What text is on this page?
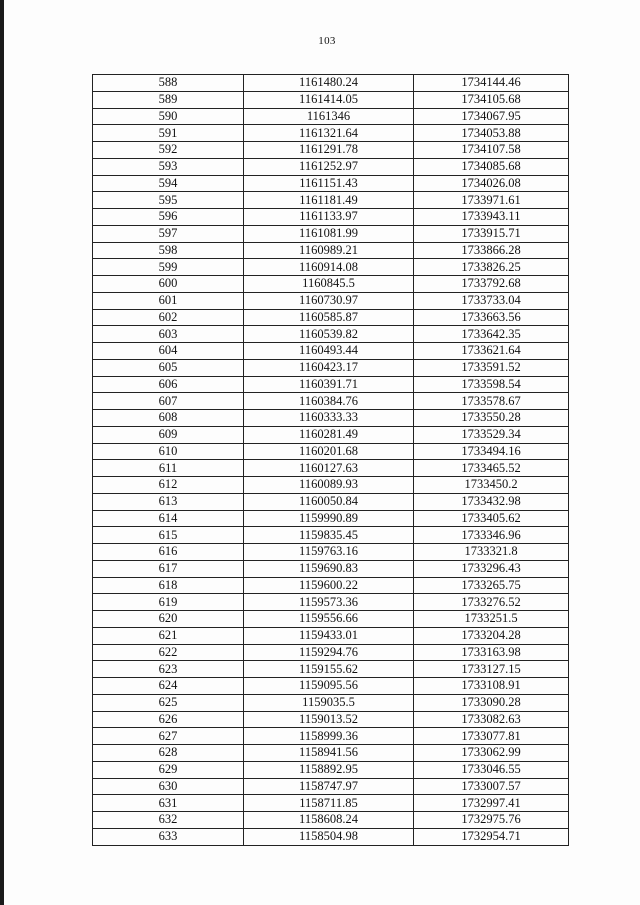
103
588	1161480.24	1734144.46
589	1161414.05	1734105.68
590	1161346	1734067.95
591	1161321.64	1734053.88
592	1161291.78	1734107.58
593	1161252.97	1734085.68
594	1161151.43	1734026.08
595	1161181.49	1733971.61
596	1161133.97	1733943.11
597	1161081.99	1733915.71
598	1160989.21	1733866.28
599	1160914.08	1733826.25
600	1160845.5	1733792.68
601	1160730.97	1733733.04
602	1160585.87	1733663.56
603	1160539.82	1733642.35
604	1160493.44	1733621.64
605	1160423.17	1733591.52
606	1160391.71	1733598.54
607	1160384.76	1733578.67
608	1160333.33	1733550.28
609	1160281.49	1733529.34
610	1160201.68	1733494.16
611	1160127.63	1733465.52
612	1160089.93	1733450.2
613	1160050.84	1733432.98
614	1159990.89	1733405.62
615	1159835.45	1733346.96
616	1159763.16	1733321.8
617	1159690.83	1733296.43
618	1159600.22	1733265.75
619	1159573.36	1733276.52
620	1159556.66	1733251.5
621	1159433.01	1733204.28
622	1159294.76	1733163.98
623	1159155.62	1733127.15
624	1159095.56	1733108.91
625	1159035.5	1733090.28
626	1159013.52	1733082.63
627	1158999.36	1733077.81
628	1158941.56	1733062.99
629	1158892.95	1733046.55
630	1158747.97	1733007.57
631	1158711.85	1732997.41
632	1158608.24	1732975.76
633	1158504.98	1732954.71
